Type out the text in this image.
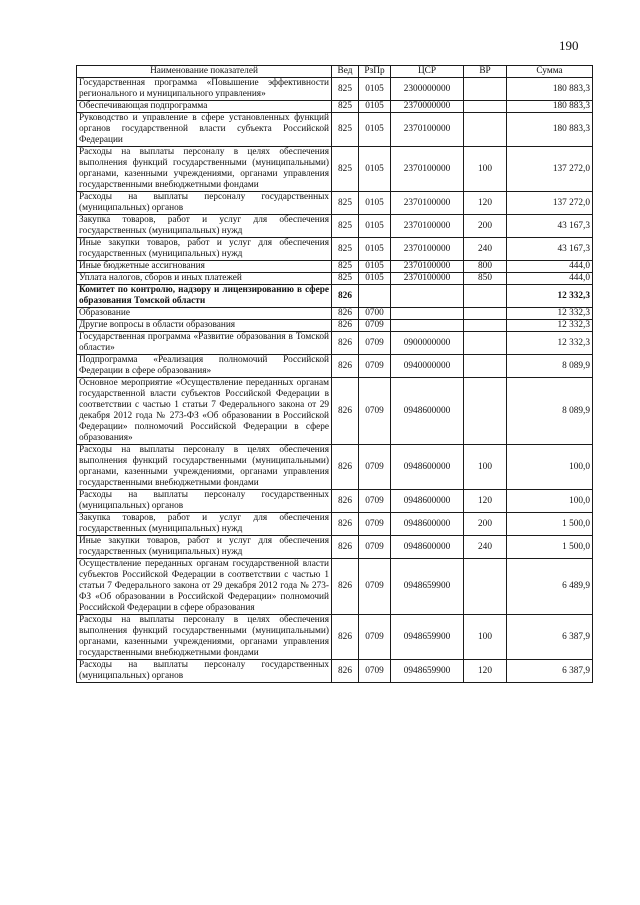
190
Наименование показателей	Вед	РзПр	ЦСР	ВР	Сумма
Государственная программа «Повышение эффективности регионального и муниципального управления»	825	0105	2300000000		180 883,3
Обеспечивающая подпрограмма	825	0105	2370000000		180 883,3
Руководство и управление в сфере установленных функций органов государственной власти субъекта Российской Федерации	825	0105	2370100000		180 883,3
Расходы на выплаты персоналу в целях обеспечения выполнения функций государственными (муниципальными) органами, казенными учреждениями, органами управления государственными внебюджетными фондами	825	0105	2370100000	100	137 272,0
Расходы на выплаты персоналу государственных (муниципальных) органов	825	0105	2370100000	120	137 272,0
Закупка товаров, работ и услуг для обеспечения государственных (муниципальных) нужд	825	0105	2370100000	200	43 167,3
Иные закупки товаров, работ и услуг для обеспечения государственных (муниципальных) нужд	825	0105	2370100000	240	43 167,3
Иные бюджетные ассигнования	825	0105	2370100000	800	444,0
Уплата налогов, сборов и иных платежей	825	0105	2370100000	850	444,0
Комитет по контролю, надзору и лицензированию в сфере образования Томской области	826				12 332,3
Образование	826	0700			12 332,3
Другие вопросы в области образования	826	0709			12 332,3
Государственная программа «Развитие образования в Томской области»	826	0709	0900000000		12 332,3
Подпрограмма «Реализация полномочий Российской Федерации в сфере образования»	826	0709	0940000000		8 089,9
Основное мероприятие «Осуществление переданных органам государственной власти субъектов Российской Федерации в соответствии с частью 1 статьи 7 Федерального закона от 29 декабря 2012 года № 273-ФЗ «Об образовании в Российской Федерации» полномочий Российской Федерации в сфере образования»	826	0709	0948600000		8 089,9
Расходы на выплаты персоналу в целях обеспечения выполнения функций государственными (муниципальными) органами, казенными учреждениями, органами управления государственными внебюджетными фондами	826	0709	0948600000	100	100,0
Расходы на выплаты персоналу государственных (муниципальных) органов	826	0709	0948600000	120	100,0
Закупка товаров, работ и услуг для обеспечения государственных (муниципальных) нужд	826	0709	0948600000	200	1 500,0
Иные закупки товаров, работ и услуг для обеспечения государственных (муниципальных) нужд	826	0709	0948600000	240	1 500,0
Осуществление переданных органам государственной власти субъектов Российской Федерации в соответствии с частью 1 статьи 7 Федерального закона от 29 декабря 2012 года № 273-ФЗ «Об образовании в Российской Федерации» полномочий Российской Федерации в сфере образования	826	0709	0948659900		6 489,9
Расходы на выплаты персоналу в целях обеспечения выполнения функций государственными (муниципальными) органами, казенными учреждениями, органами управления государственными внебюджетными фондами	826	0709	0948659900	100	6 387,9
Расходы на выплаты персоналу государственных (муниципальных) органов	826	0709	0948659900	120	6 387,9
